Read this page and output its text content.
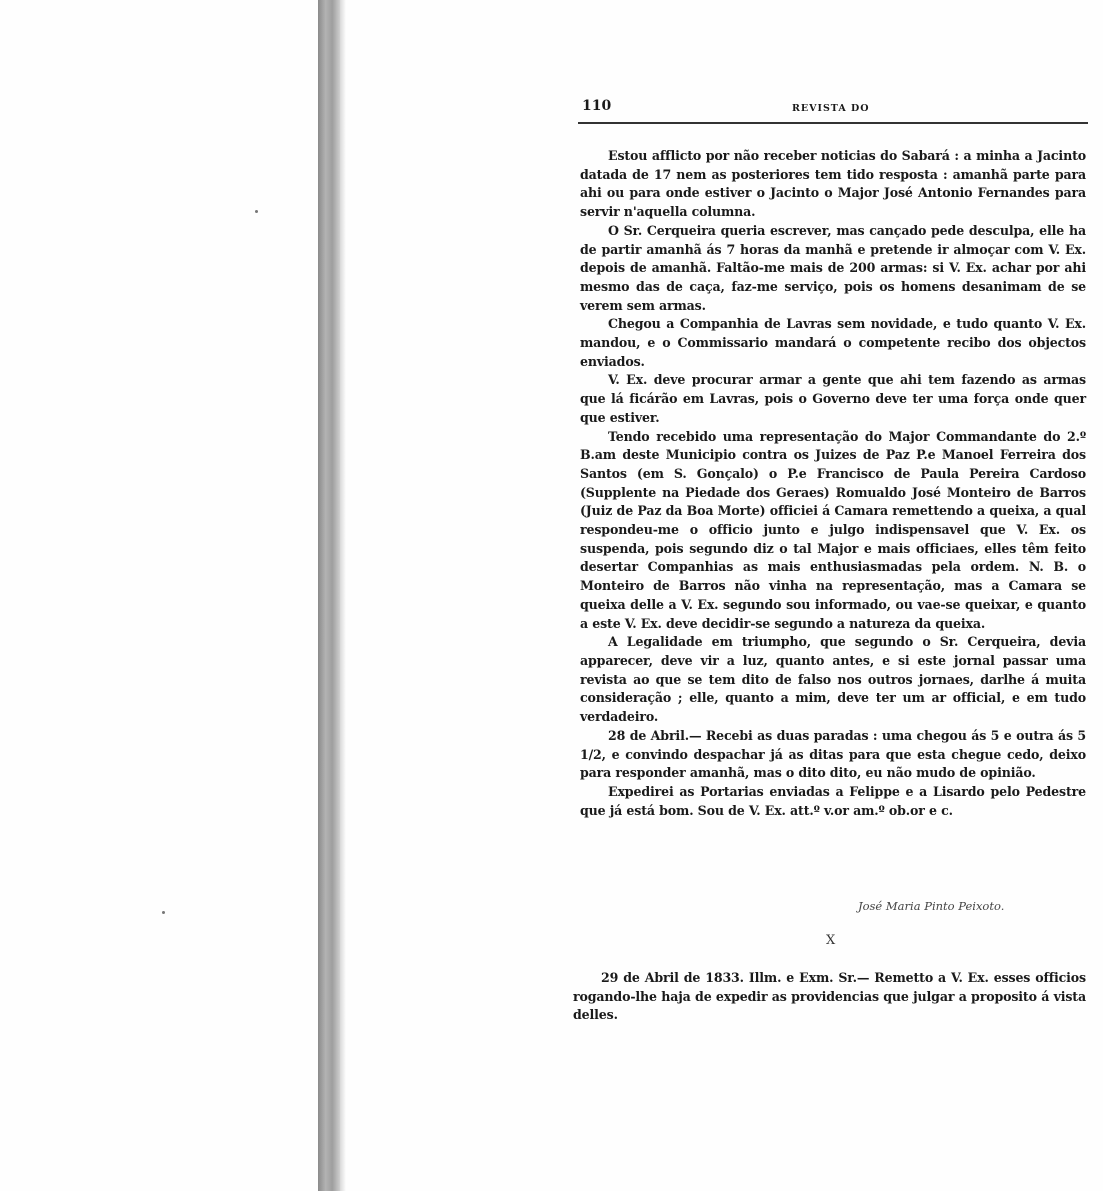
110	REVISTA DO

Estou afflicto por não receber noticias do Sabará : a minha a Jacinto datada de 17 nem as posteriores tem tido resposta : amanhã parte para ahi ou para onde estiver o Jacinto o Major José Antonio Fernandes para servir n'aquella columna.

O Sr. Cerqueira queria escrever, mas cançado pede desculpa, elle ha de partir amanhã ás 7 horas da manhã e pretende ir almoçar com V. Ex. depois de amanhã. Faltão-me mais de 200 armas: si V. Ex. achar por ahi mesmo das de caça, faz-me serviço, pois os homens desanimam de se verem sem armas.

Chegou a Companhia de Lavras sem novidade, e tudo quanto V. Ex. mandou, e o Commissario mandará o competente recibo dos objectos enviados.

V. Ex. deve procurar armar a gente que ahi tem fazendo as armas que lá ficárão em Lavras, pois o Governo deve ter uma força onde quer que estiver.

Tendo recebido uma representação do Major Commandante do 2.º B.am deste Municipio contra os Juizes de Paz P.e Manoel Ferreira dos Santos (em S. Gonçalo) o P.e Francisco de Paula Pereira Cardoso (Supplente na Piedade dos Geraes) Romualdo José Monteiro de Barros (Juiz de Paz da Boa Morte) officiei á Camara remettendo a queixa, a qual respondeu-me o officio junto e julgo indispensavel que V. Ex. os suspenda, pois segundo diz o tal Major e mais officiaes, elles têm feito desertar Companhias as mais enthusiasmadas pela ordem. N. B. o Monteiro de Barros não vinha na representação, mas a Camara se queixa delle a V. Ex. segundo sou informado, ou vae-se queixar, e quanto a este V. Ex. deve decidir-se segundo a natureza da queixa.

A Legalidade em triumpho, que segundo o Sr. Cerqueira, devia apparecer, deve vir a luz, quanto antes, e si este jornal passar uma revista ao que se tem dito de falso nos outros jornaes, darlhe á muita consideração ; elle, quanto a mim, deve ter um ar official, e em tudo verdadeiro.

28 de Abril.— Recebi as duas paradas : uma chegou ás 5 e outra ás 5 1/2, e convindo despachar já as ditas para que esta chegue cedo, deixo para responder amanhã, mas o dito dito, eu não mudo de opinião.

Expedirei as Portarias enviadas a Felippe e a Lisardo pelo Pedestre que já está bom. Sou de V. Ex. att.º v.or am.º ob.or e c.

José Maria Pinto Peixoto.
X

29 de Abril de 1833. Illm. e Exm. Sr.— Remetto a V. Ex. esses officios rogando-lhe haja de expedir as providencias que julgar a proposito á vista delles.
